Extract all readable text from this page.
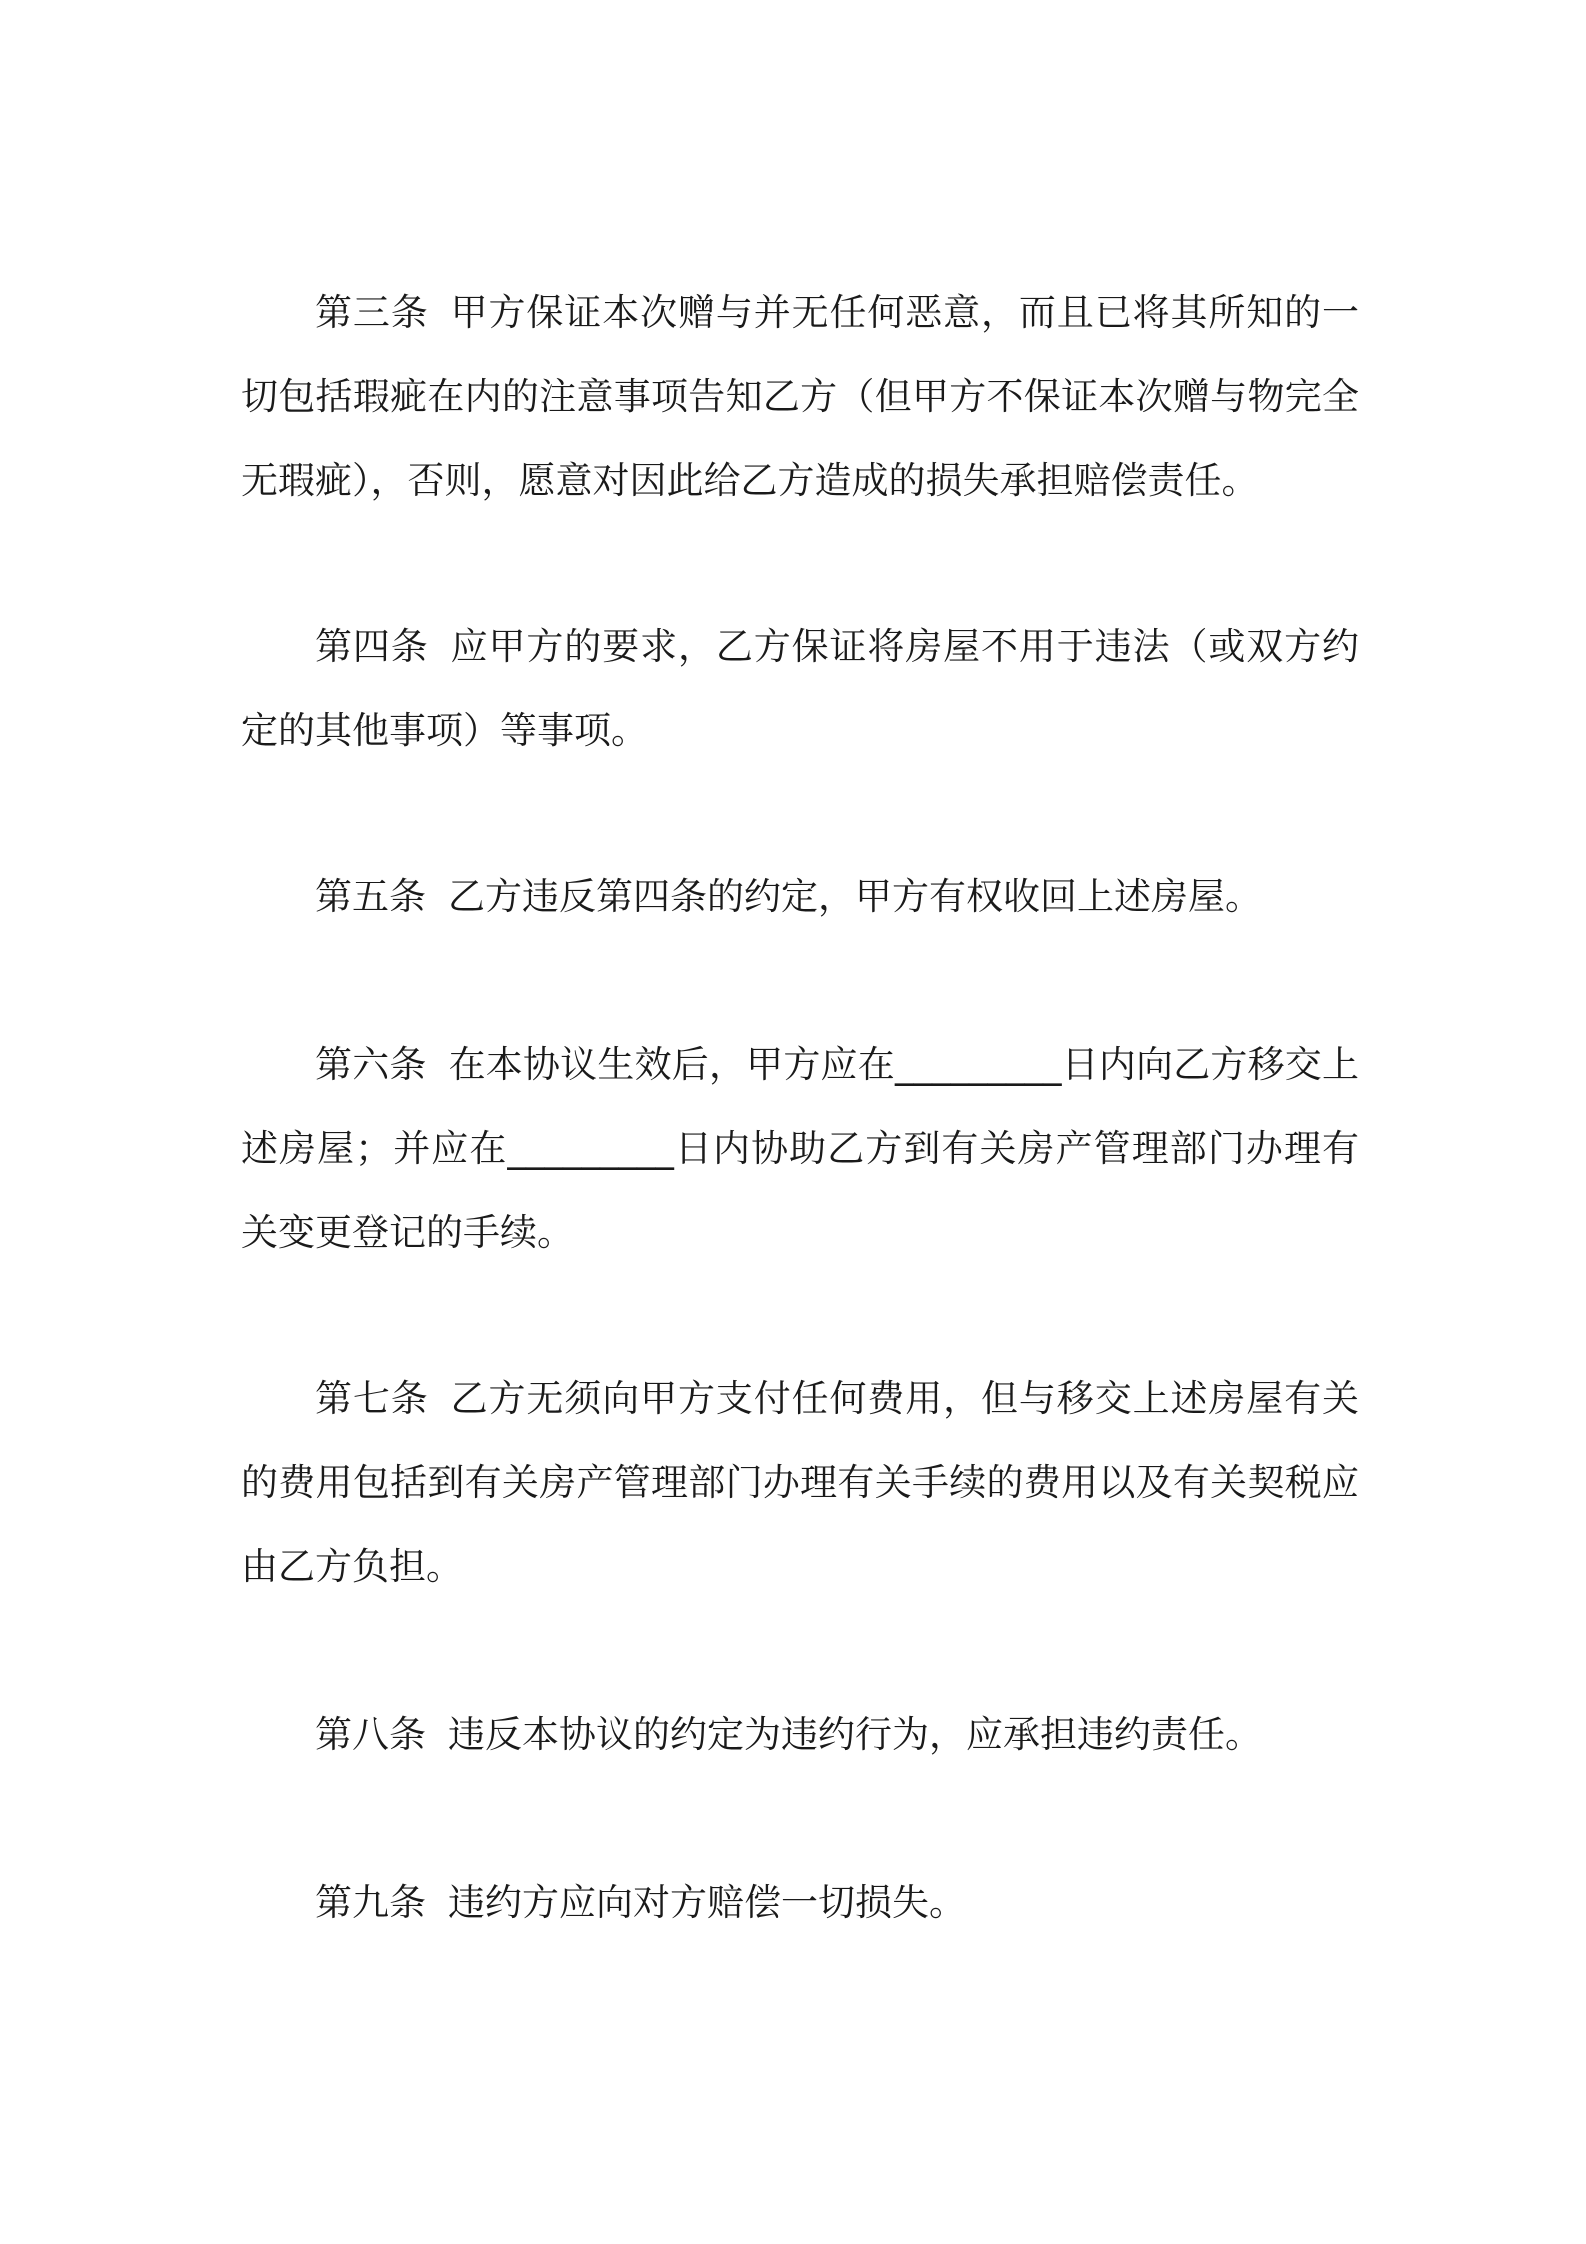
第三条 甲方保证本次赠与并无任何恶意，而且已将其所知的一切包括瑕疵在内的注意事项告知乙方（但甲方不保证本次赠与物完全无瑕疵），否则，愿意对因此给乙方造成的损失承担赔偿责任。

第四条 应甲方的要求，乙方保证将房屋不用于违法（或双方约定的其他事项）等事项。

第五条 乙方违反第四条的约定，甲方有权收回上述房屋。

第六条 在本协议生效后，甲方应在_________日内向乙方移交上述房屋；并应在_________日内协助乙方到有关房产管理部门办理有关变更登记的手续。

第七条 乙方无须向甲方支付任何费用，但与移交上述房屋有关的费用包括到有关房产管理部门办理有关手续的费用以及有关契税应由乙方负担。

第八条 违反本协议的约定为违约行为，应承担违约责任。

第九条 违约方应向对方赔偿一切损失。
